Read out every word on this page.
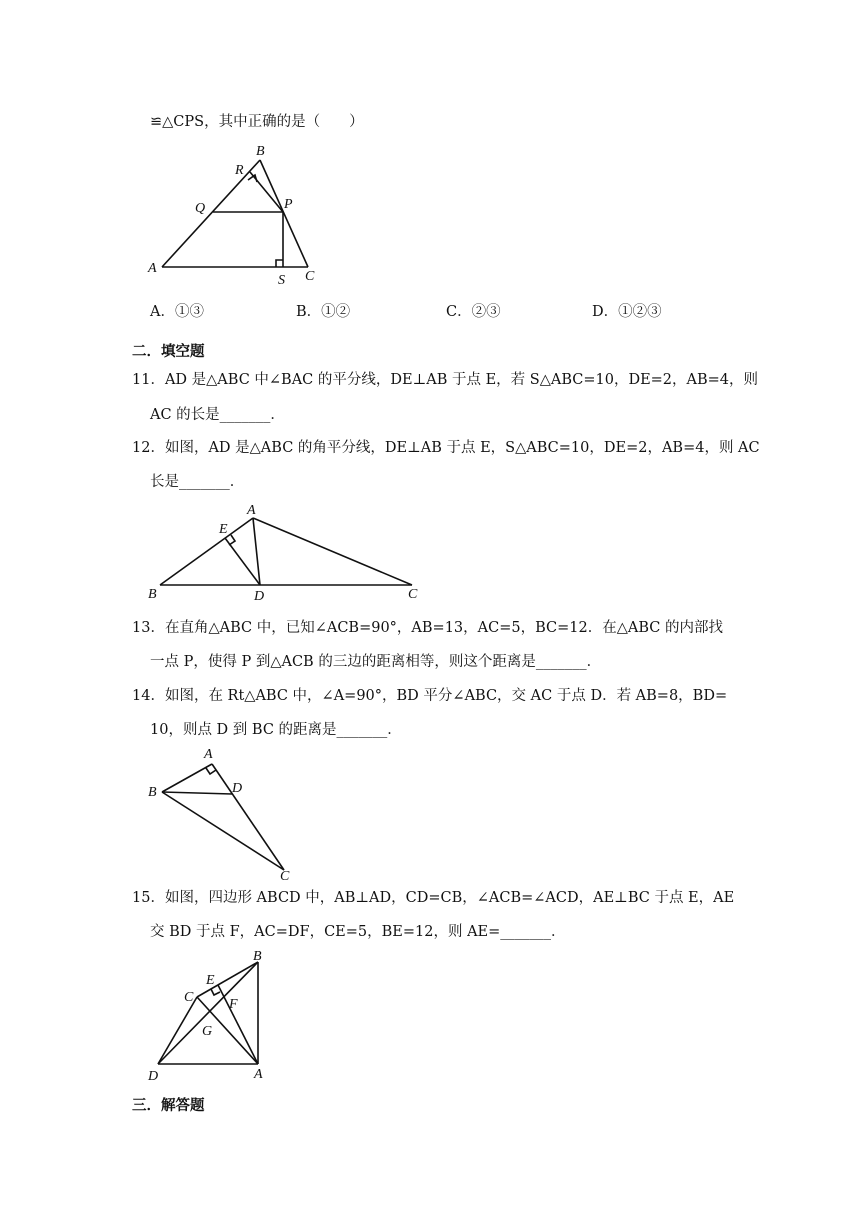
≌△CPS，其中正确的是（　　）
B
R
Q	P
A
S C
A．①③	B．①②	C．②③	D．①②③
二．填空题
11．AD 是△ABC 中∠BAC 的平分线，DE⊥AB 于点 E，若 S△ABC=10，DE=2，AB=4，则
AC 的长是_______．
12．如图，AD 是△ABC 的角平分线，DE⊥AB 于点 E，S△ABC=10，DE=2，AB=4，则 AC
长是_______．
E
A
B	D	C
13．在直角△ABC 中，已知∠ACB=90°，AB=13，AC=5，BC=12．在△ABC 的内部找
一点 P，使得 P 到△ACB 的三边的距离相等，则这个距离是_______．
14．如图，在 Rt△ABC 中，∠A=90°，BD 平分∠ABC，交 AC 于点 D．若 AB=8，BD=
10，则点 D 到 BC 的距离是_______．
A
B	D
C
15．如图，四边形 ABCD 中，AB⊥AD，CD=CB，∠ACB=∠ACD，AE⊥BC 于点 E，AE
交 BD 于点 F，AC=DF，CE=5，BE=12，则 AE=_______．
B
E
C	F
G
D	A
三．解答题
